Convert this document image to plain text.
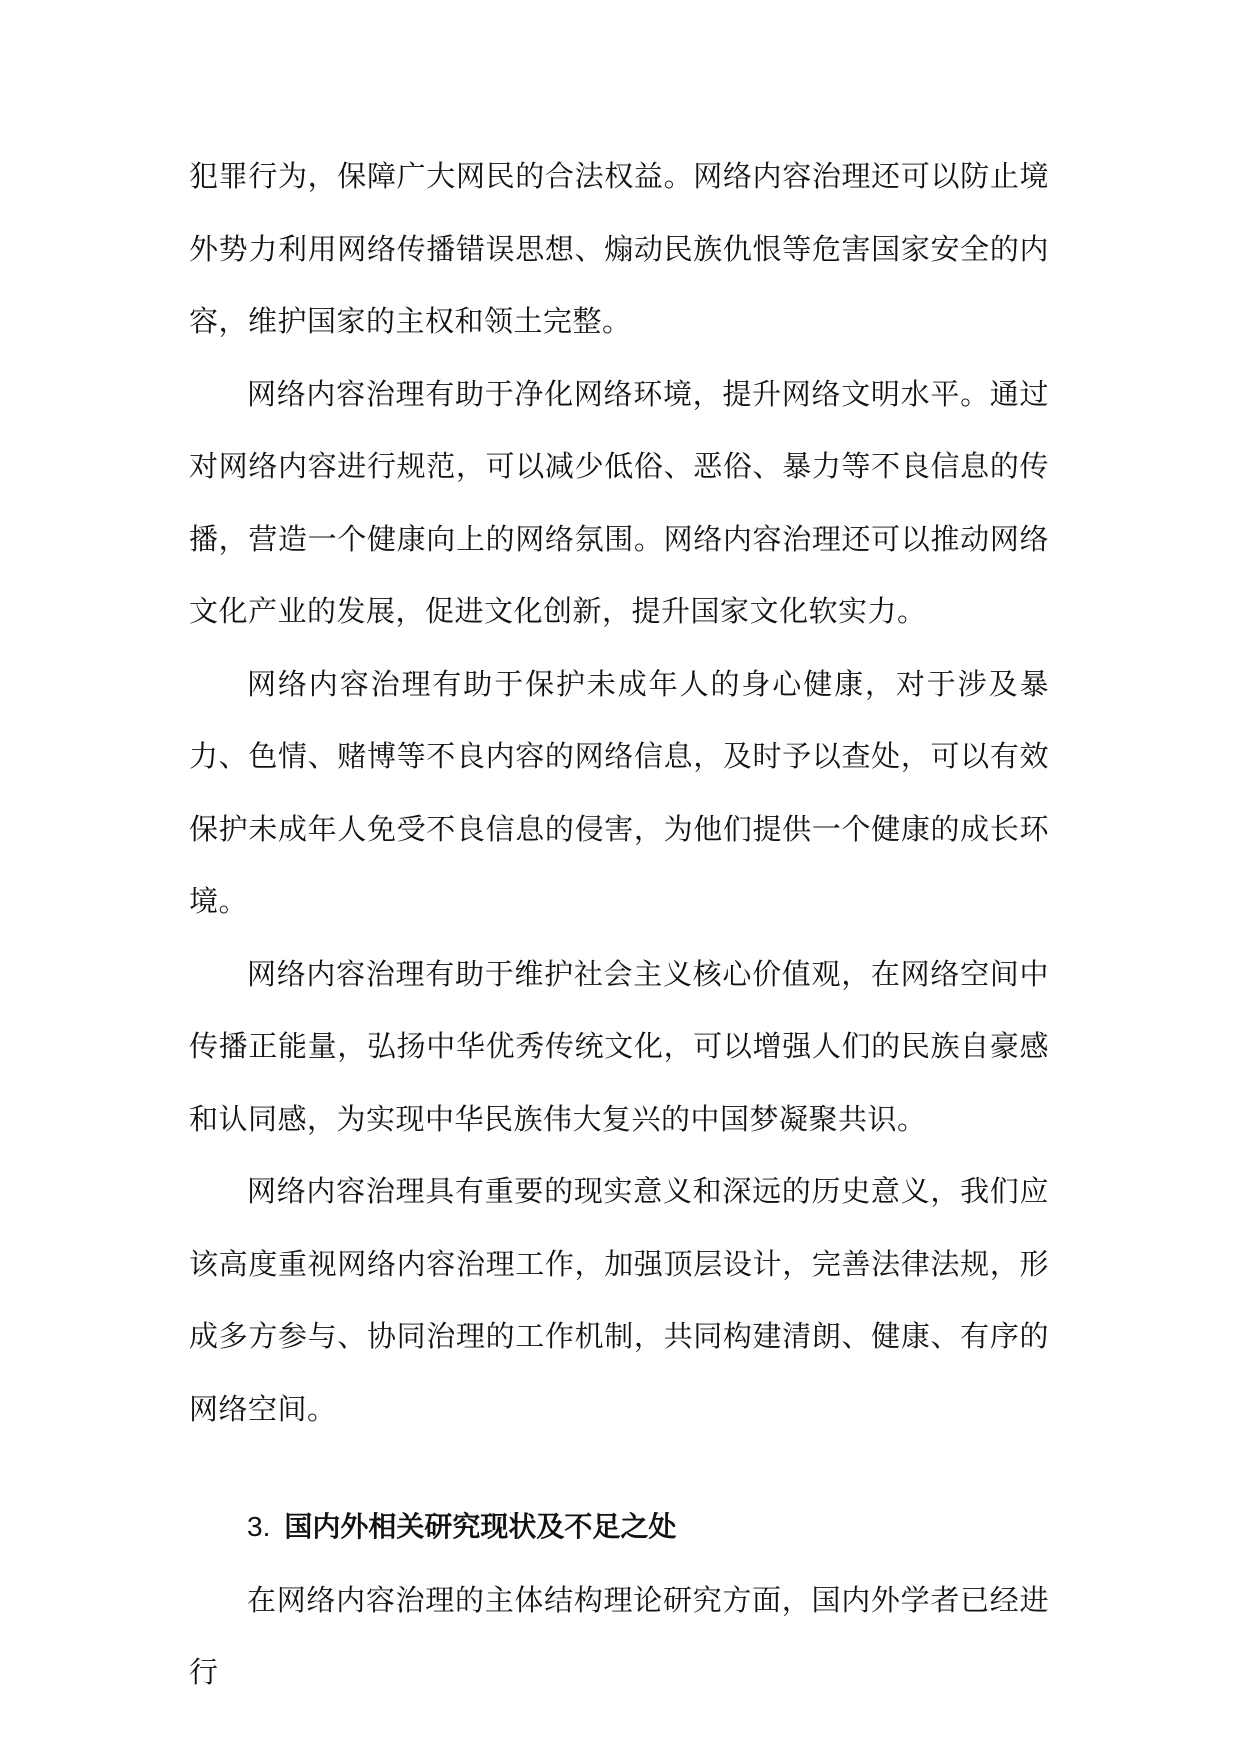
犯罪行为，保障广大网民的合法权益。网络内容治理还可以防止境外势力利用网络传播错误思想、煽动民族仇恨等危害国家安全的内容，维护国家的主权和领土完整。

网络内容治理有助于净化网络环境，提升网络文明水平。通过对网络内容进行规范，可以减少低俗、恶俗、暴力等不良信息的传播，营造一个健康向上的网络氛围。网络内容治理还可以推动网络文化产业的发展，促进文化创新，提升国家文化软实力。

网络内容治理有助于保护未成年人的身心健康，对于涉及暴力、色情、赌博等不良内容的网络信息，及时予以查处，可以有效保护未成年人免受不良信息的侵害，为他们提供一个健康的成长环境。

网络内容治理有助于维护社会主义核心价值观，在网络空间中传播正能量，弘扬中华优秀传统文化，可以增强人们的民族自豪感和认同感，为实现中华民族伟大复兴的中国梦凝聚共识。

网络内容治理具有重要的现实意义和深远的历史意义，我们应该高度重视网络内容治理工作，加强顶层设计，完善法律法规，形成多方参与、协同治理的工作机制，共同构建清朗、健康、有序的网络空间。

3. 国内外相关研究现状及不足之处

在网络内容治理的主体结构理论研究方面，国内外学者已经进行
